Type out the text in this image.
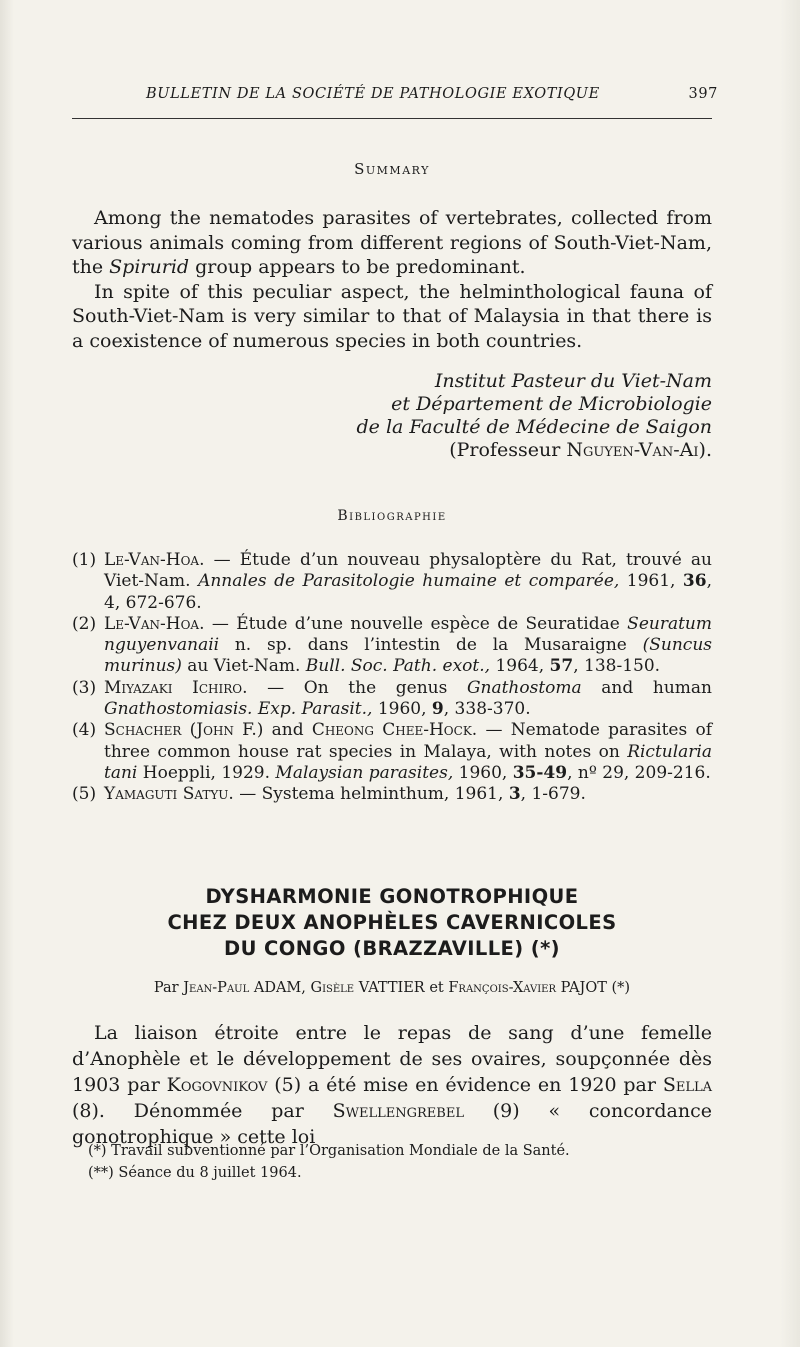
BULLETIN DE LA SOCIÉTÉ DE PATHOLOGIE EXOTIQUE	397
Summary

Among the nematodes parasites of vertebrates, collected from various animals coming from different regions of South-Viet-Nam, the Spirurid group appears to be predominant.

In spite of this peculiar aspect, the helminthological fauna of South-Viet-Nam is very similar to that of Malaysia in that there is a coexistence of numerous species in both countries.

Institut Pasteur du Viet-Nam
et Département de Microbiologie
de la Faculté de Médecine de Saigon
(Professeur Nguyen-Van-Ai).
Bibliographie

(1) Le-Van-Hoa. — Étude d’un nouveau physaloptère du Rat, trouvé au Viet-Nam. Annales de Parasitologie humaine et comparée, 1961, 36, 4, 672-676.

(2) Le-Van-Hoa. — Étude d’une nouvelle espèce de Seuratidae Seuratum nguyenvanaii n. sp. dans l’intestin de la Musaraigne (Suncus murinus) au Viet-Nam. Bull. Soc. Path. exot., 1964, 57, 138-150.

(3) Miyazaki Ichiro. — On the genus Gnathostoma and human Gnathostomiasis. Exp. Parasit., 1960, 9, 338-370.

(4) Schacher (John F.) and Cheong Chee-Hock. — Nematode parasites of three common house rat species in Malaya, with notes on Rictularia tani Hoeppli, 1929. Malaysian parasites, 1960, 35-49, nº 29, 209-216.

(5) Yamaguti Satyu. — Systema helminthum, 1961, 3, 1-679.

DYSHARMONIE GONOTROPHIQUE
CHEZ DEUX ANOPHÈLES CAVERNICOLES
DU CONGO (BRAZZAVILLE) (*)
Par Jean-Paul ADAM, Gisèle VATTIER et François-Xavier PAJOT (*)

La liaison étroite entre le repas de sang d’une femelle d’Anophèle et le développement de ses ovaires, soupçonnée dès 1903 par Kogovnikov (5) a été mise en évidence en 1920 par Sella (8). Dénommée par Swellengrebel (9) « concordance gonotrophique » cette loi

(*) Travail subventionné par l’Organisation Mondiale de la Santé.
(**) Séance du 8 juillet 1964.
